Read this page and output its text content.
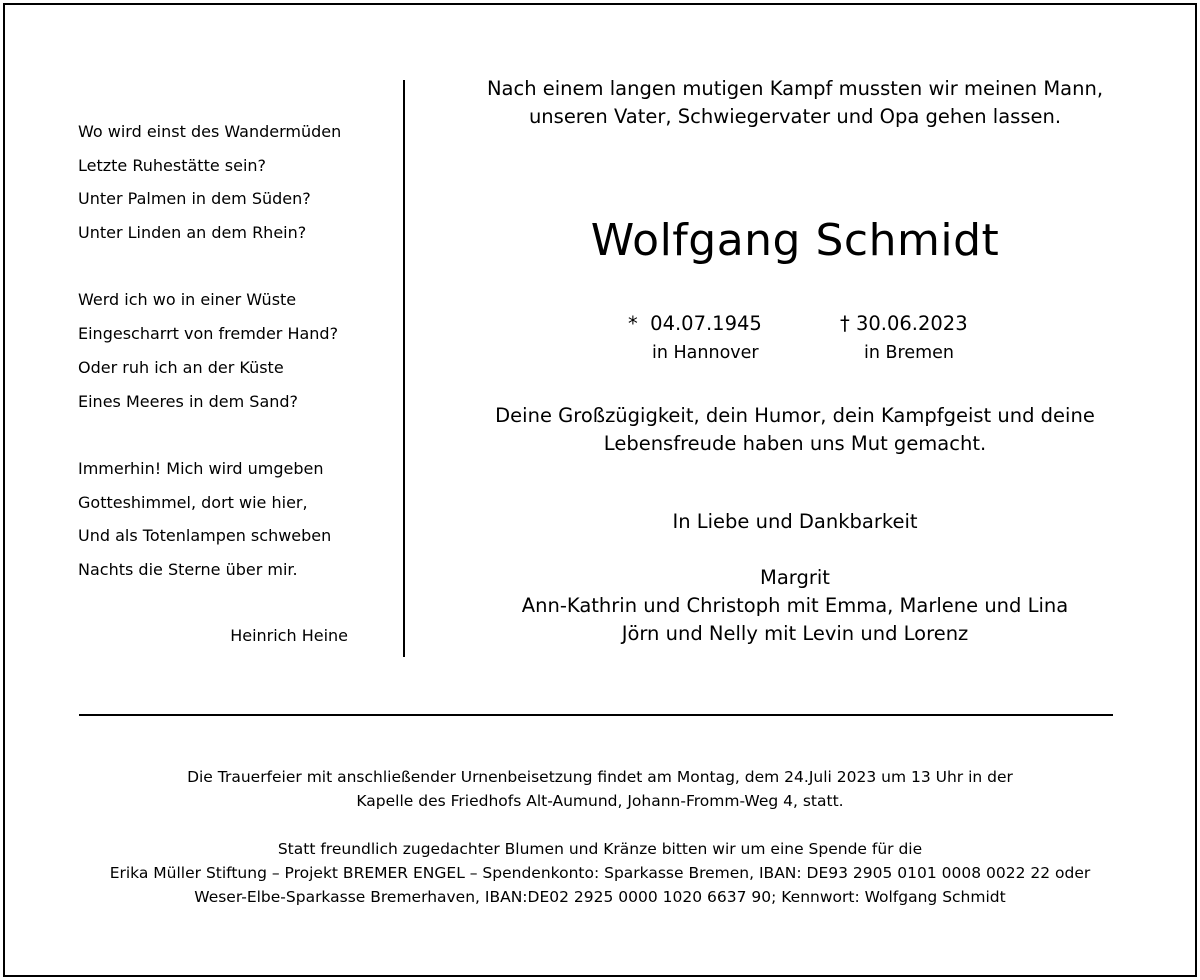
Wo wird einst des Wandermüden
Letzte Ruhestätte sein?
Unter Palmen in dem Süden?
Unter Linden an dem Rhein?
Werd ich wo in einer Wüste
Eingescharrt von fremder Hand?
Oder ruh ich an der Küste
Eines Meeres in dem Sand?
Immerhin! Mich wird umgeben
Gotteshimmel, dort wie hier,
Und als Totenlampen schweben
Nachts die Sterne über mir.
Heinrich Heine
Nach einem langen mutigen Kampf mussten wir meinen Mann,
unseren Vater, Schwiegervater und Opa gehen lassen.
Wolfgang Schmidt
* 04.07.1945
in Hannover
† 30.06.2023
in Bremen
Deine Großzügigkeit, dein Humor, dein Kampfgeist und deine
Lebensfreude haben uns Mut gemacht.
In Liebe und Dankbarkeit
Margrit
Ann-Kathrin und Christoph mit Emma, Marlene und Lina
Jörn und Nelly mit Levin und Lorenz
Die Trauerfeier mit anschließender Urnenbeisetzung findet am Montag, dem 24.Juli 2023 um 13 Uhr in der
Kapelle des Friedhofs Alt-Aumund, Johann-Fromm-Weg 4, statt.
Statt freundlich zugedachter Blumen und Kränze bitten wir um eine Spende für die
Erika Müller Stiftung – Projekt BREMER ENGEL – Spendenkonto: Sparkasse Bremen, IBAN: DE93 2905 0101 0008 0022 22 oder
Weser-Elbe-Sparkasse Bremerhaven, IBAN:DE02 2925 0000 1020 6637 90; Kennwort: Wolfgang Schmidt
